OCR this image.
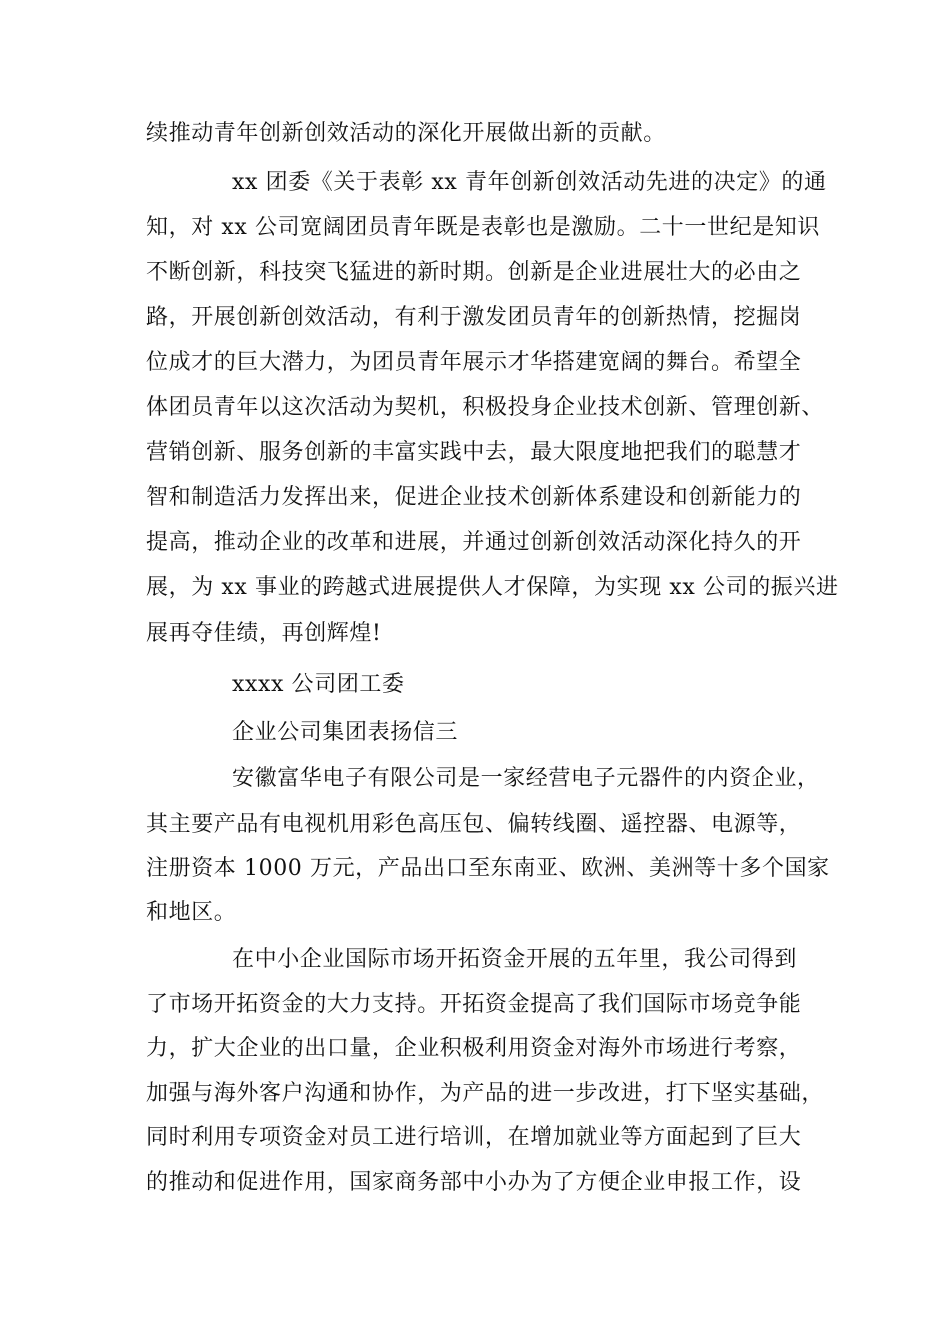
续推动青年创新创效活动的深化开展做出新的贡献。
xx 团委《关于表彰 xx 青年创新创效活动先进的决定》的通
知，对 xx 公司宽阔团员青年既是表彰也是激励。二十一世纪是知识
不断创新，科技突飞猛进的新时期。创新是企业进展壮大的必由之
路，开展创新创效活动，有利于激发团员青年的创新热情，挖掘岗
位成才的巨大潜力，为团员青年展示才华搭建宽阔的舞台。希望全
体团员青年以这次活动为契机，积极投身企业技术创新、管理创新、
营销创新、服务创新的丰富实践中去，最大限度地把我们的聪慧才
智和制造活力发挥出来，促进企业技术创新体系建设和创新能力的
提高，推动企业的改革和进展，并通过创新创效活动深化持久的开
展，为 xx 事业的跨越式进展提供人才保障，为实现 xx 公司的振兴进
展再夺佳绩，再创辉煌!
xxxx 公司团工委
企业公司集团表扬信三
安徽富华电子有限公司是一家经营电子元器件的内资企业，
其主要产品有电视机用彩色高压包、偏转线圈、遥控器、电源等，
注册资本 1000 万元，产品出口至东南亚、欧洲、美洲等十多个国家
和地区。
在中小企业国际市场开拓资金开展的五年里，我公司得到
了市场开拓资金的大力支持。开拓资金提高了我们国际市场竞争能
力，扩大企业的出口量，企业积极利用资金对海外市场进行考察，
加强与海外客户沟通和协作，为产品的进一步改进，打下坚实基础，
同时利用专项资金对员工进行培训，在增加就业等方面起到了巨大
的推动和促进作用，国家商务部中小办为了方便企业申报工作，设
